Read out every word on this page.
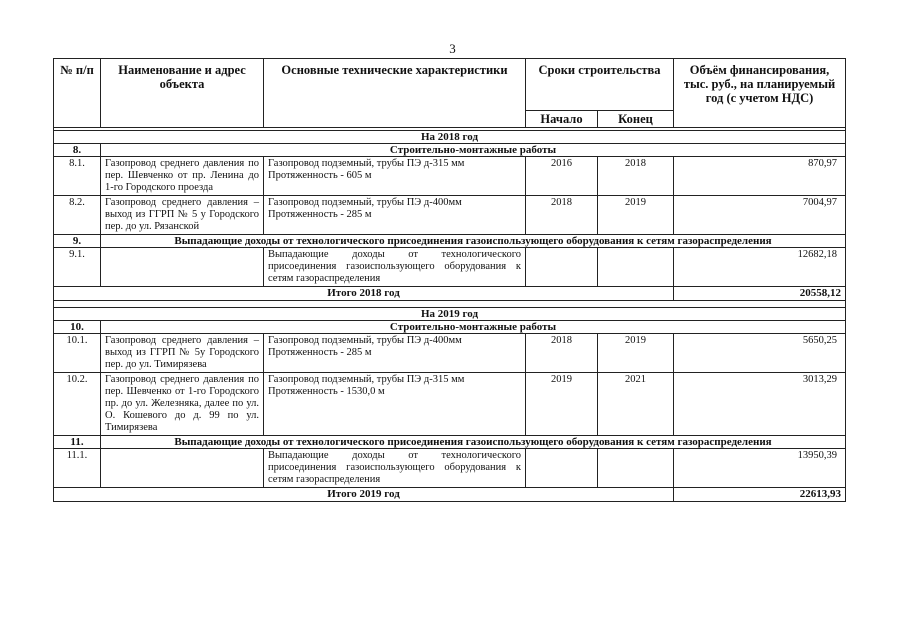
3
№ п/п	Наименование и адрес объекта	Основные технические характеристики	Сроки строительства		Объём финансирования, тыс. руб., на планируемый год (с учетом НДС)
			Начало	Конец	

На 2018 год					
8.	Строительно-монтажные работы				
8.1.	Газопровод среднего давления по пер. Шевченко от пр. Ленина до 1-го Городского проезда	Газопровод подземный, трубы ПЭ д-315 мм
Протяженность - 605 м	2016	2018	870,97
8.2.	Газопровод среднего давления – выход из ГГРП № 5 у Городского пер. до ул. Рязанской	Газопровод подземный, трубы ПЭ д-400мм
Протяженность - 285 м	2018	2019	7004,97
9.	Выпадающие доходы от технологического присоединения газоиспользующего оборудования к сетям газораспределения				
9.1.		Выпадающие доходы от технологического присоединения газоиспользующего оборудования к сетям газораспределения			12682,18
Итого 2018 год					20558,12

На 2019 год					
10.	Строительно-монтажные работы				
10.1.	Газопровод среднего давления – выход из ГГРП № 5у Городского пер. до ул. Тимирязева	Газопровод подземный, трубы ПЭ д-400мм
Протяженность - 285 м	2018	2019	5650,25
10.2.	Газопровод среднего давления по пер. Шевченко от 1-го Городского пр. до ул. Железняка, далее по ул. О. Кошевого до д. 99 по ул. Тимирязева	Газопровод подземный, трубы ПЭ д-315 мм
Протяженность - 1530,0 м	2019	2021	3013,29
11.	Выпадающие доходы от технологического присоединения газоиспользующего оборудования к сетям газораспределения				
11.1.		Выпадающие доходы от технологического присоединения газоиспользующего оборудования к сетям газораспределения			13950,39
Итого 2019 год					22613,93
